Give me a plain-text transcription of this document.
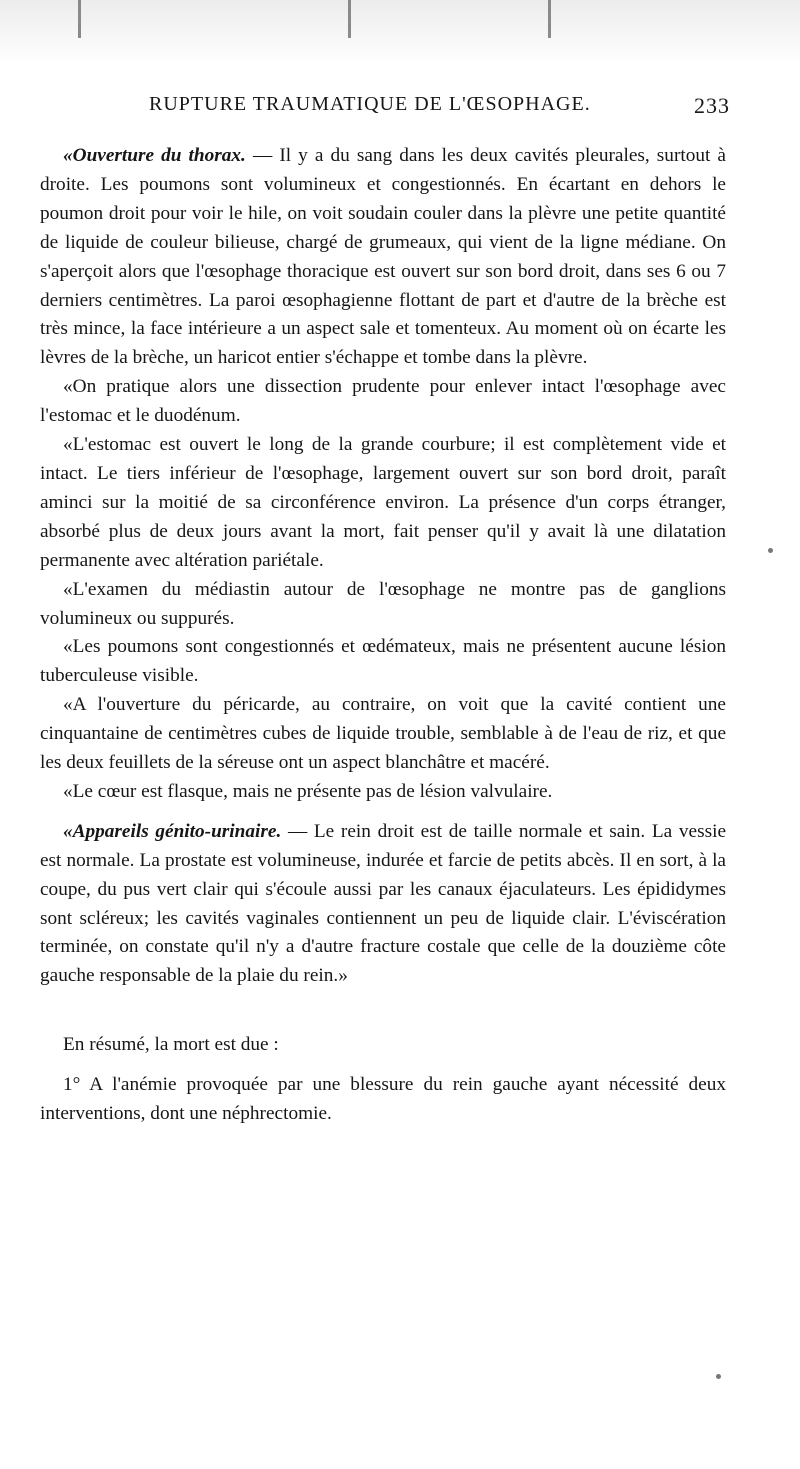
RUPTURE TRAUMATIQUE DE L'ŒSOPHAGE.	233

«Ouverture du thorax. — Il y a du sang dans les deux cavités pleurales, surtout à droite. Les poumons sont volumineux et congestionnés. En écartant en dehors le poumon droit pour voir le hile, on voit soudain couler dans la plèvre une petite quantité de liquide de couleur bilieuse, chargé de grumeaux, qui vient de la ligne médiane. On s'aperçoit alors que l'œsophage thoracique est ouvert sur son bord droit, dans ses 6 ou 7 derniers centimètres. La paroi œsophagienne flottant de part et d'autre de la brèche est très mince, la face intérieure a un aspect sale et tomenteux. Au moment où on écarte les lèvres de la brèche, un haricot entier s'échappe et tombe dans la plèvre.

«On pratique alors une dissection prudente pour enlever intact l'œsophage avec l'estomac et le duodénum.

«L'estomac est ouvert le long de la grande courbure; il est complètement vide et intact. Le tiers inférieur de l'œsophage, largement ouvert sur son bord droit, paraît aminci sur la moitié de sa circonférence environ. La présence d'un corps étranger, absorbé plus de deux jours avant la mort, fait penser qu'il y avait là une dilatation permanente avec altération pariétale.

«L'examen du médiastin autour de l'œsophage ne montre pas de ganglions volumineux ou suppurés.

«Les poumons sont congestionnés et œdémateux, mais ne présentent aucune lésion tuberculeuse visible.

«A l'ouverture du péricarde, au contraire, on voit que la cavité contient une cinquantaine de centimètres cubes de liquide trouble, semblable à de l'eau de riz, et que les deux feuillets de la séreuse ont un aspect blanchâtre et macéré.

«Le cœur est flasque, mais ne présente pas de lésion valvulaire.

«Appareils génito-urinaire. — Le rein droit est de taille normale et sain. La vessie est normale. La prostate est volumineuse, indurée et farcie de petits abcès. Il en sort, à la coupe, du pus vert clair qui s'écoule aussi par les canaux éjaculateurs. Les épididymes sont scléreux; les cavités vaginales contiennent un peu de liquide clair. L'éviscération terminée, on constate qu'il n'y a d'autre fracture costale que celle de la douzième côte gauche responsable de la plaie du rein.»

En résumé, la mort est due :

1° A l'anémie provoquée par une blessure du rein gauche ayant nécessité deux interventions, dont une néphrectomie.
